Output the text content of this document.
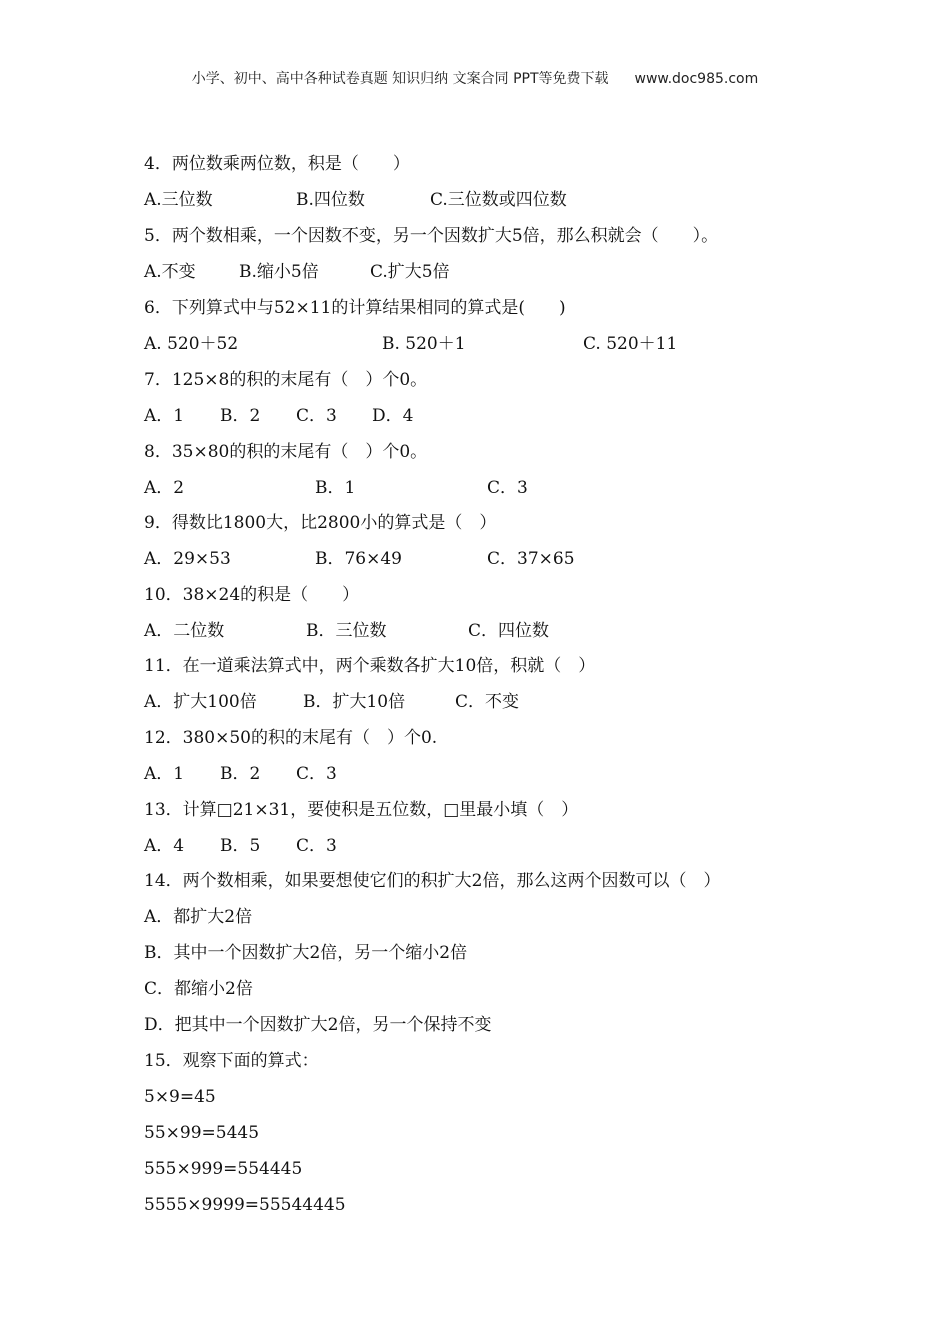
小学、初中、高中各种试卷真题 知识归纳 文案合同 PPT等免费下载 www.doc985.com
4．两位数乘两位数，积是（　　）
A.三位数	B.四位数	C.三位数或四位数
5．两个数相乘，一个因数不变，另一个因数扩大5倍，那么积就会（　　）。
A.不变	B.缩小5倍	C.扩大5倍
6．下列算式中与52×11的计算结果相同的算式是(　　)
A. 520＋52	B. 520＋1	C. 520＋11
7．125×8的积的末尾有（　）个0。
A．1 B．2 C．3 D．4
8．35×80的积的末尾有（　）个0。
A．2	B．1	C．3
9．得数比1800大，比2800小的算式是（　）
A．29×53	B．76×49	C．37×65
10．38×24的积是（　　）
A．二位数	B．三位数	C．四位数
11．在一道乘法算式中，两个乘数各扩大10倍，积就（　）
A．扩大100倍	B．扩大10倍	C．不变
12．380×50的积的末尾有（　）个0.
A．1 B．2 C．3
13．计算□21×31，要使积是五位数，□里最小填（　）
A．4 B．5 C．3
14．两个数相乘，如果要想使它们的积扩大2倍，那么这两个因数可以（　）
A．都扩大2倍
B．其中一个因数扩大2倍，另一个缩小2倍
C．都缩小2倍
D．把其中一个因数扩大2倍，另一个保持不变
15．观察下面的算式：
5×9=45
55×99=5445
555×999=554445
5555×9999=55544445
